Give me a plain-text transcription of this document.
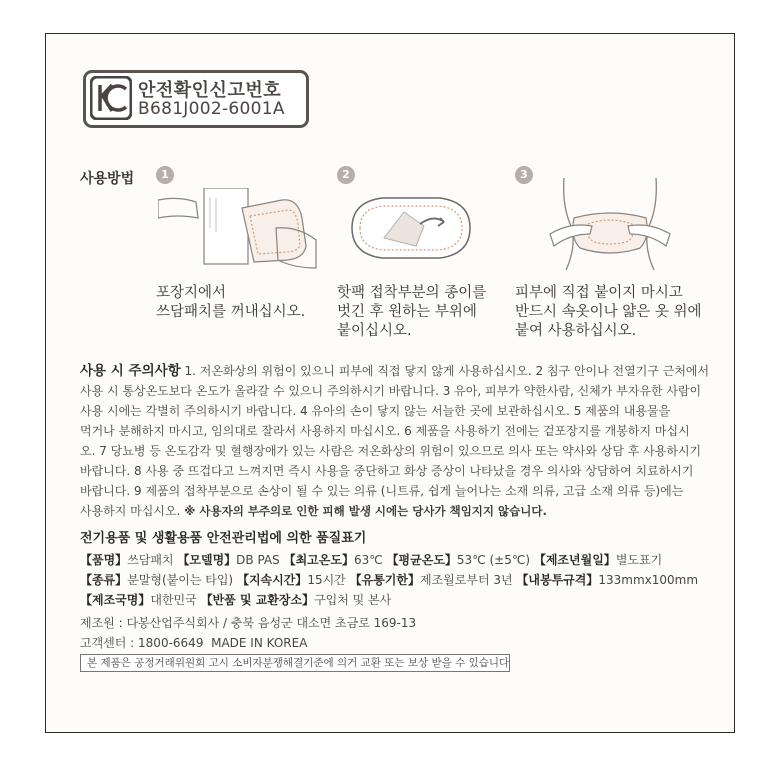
안전확인신고번호
B681J002-6001A
사용방법	1	2	3
포장지에서
쓰담패치를 꺼내십시오.
핫팩 접착부분의 종이를
벗긴 후 원하는 부위에
붙이십시오.
피부에 직접 붙이지 마시고
반드시 속옷이나 얇은 옷 위에
붙여 사용하십시오.
사용 시 주의사항 1. 저온화상의 위험이 있으니 피부에 직접 닿지 않게 사용하십시오. 2 침구 안이나 전열기구 근처에서
사용 시 통상온도보다 온도가 올라갈 수 있으니 주의하시기 바랍니다. 3 유아, 피부가 약한사람, 신체가 부자유한 사람이
사용 시에는 각별히 주의하시기 바랍니다. 4 유아의 손이 닿지 않는 서늘한 곳에 보관하십시오. 5 제품의 내용물을
먹거나 분해하지 마시고, 임의대로 잘라서 사용하지 마십시오. 6 제품을 사용하기 전에는 겉포장지를 개봉하지 마십시
오. 7 당뇨병 등 온도감각 및 혈행장애가 있는 사람은 저온화상의 위험이 있으므로 의사 또는 약사와 상담 후 사용하시기
바랍니다. 8 사용 중 뜨겁다고 느껴지면 즉시 사용을 중단하고 화상 증상이 나타났을 경우 의사와 상담하여 치료하시기
바랍니다. 9 제품의 접착부분으로 손상이 될 수 있는 의류 (니트류, 쉽게 늘어나는 소재 의류, 고급 소재 의류 등)에는
사용하지 마십시오. ※ 사용자의 부주의로 인한 피해 발생 시에는 당사가 책임지지 않습니다.
전기용품 및 생활용품 안전관리법에 의한 품질표기
【품명】쓰담패치 【모델명】DB PAS 【최고온도】63℃ 【평균온도】53℃ (±5℃) 【제조년월일】별도표기
【종류】분말형(붙이는 타입) 【지속시간】15시간 【유통기한】제조월로부터 3년 【내봉투규격】133mmx100mm
【제조국명】대한민국 【반품 및 교환장소】구입처 및 본사
제조원 : 다봉산업주식회사 / 충북 음성군 대소면 초금로 169-13
고객센터 : 1800-6649 MADE IN KOREA
본 제품은 공정거래위원회 고시 소비자분쟁해결기준에 의거 교환 또는 보상 받을 수 있습니다
